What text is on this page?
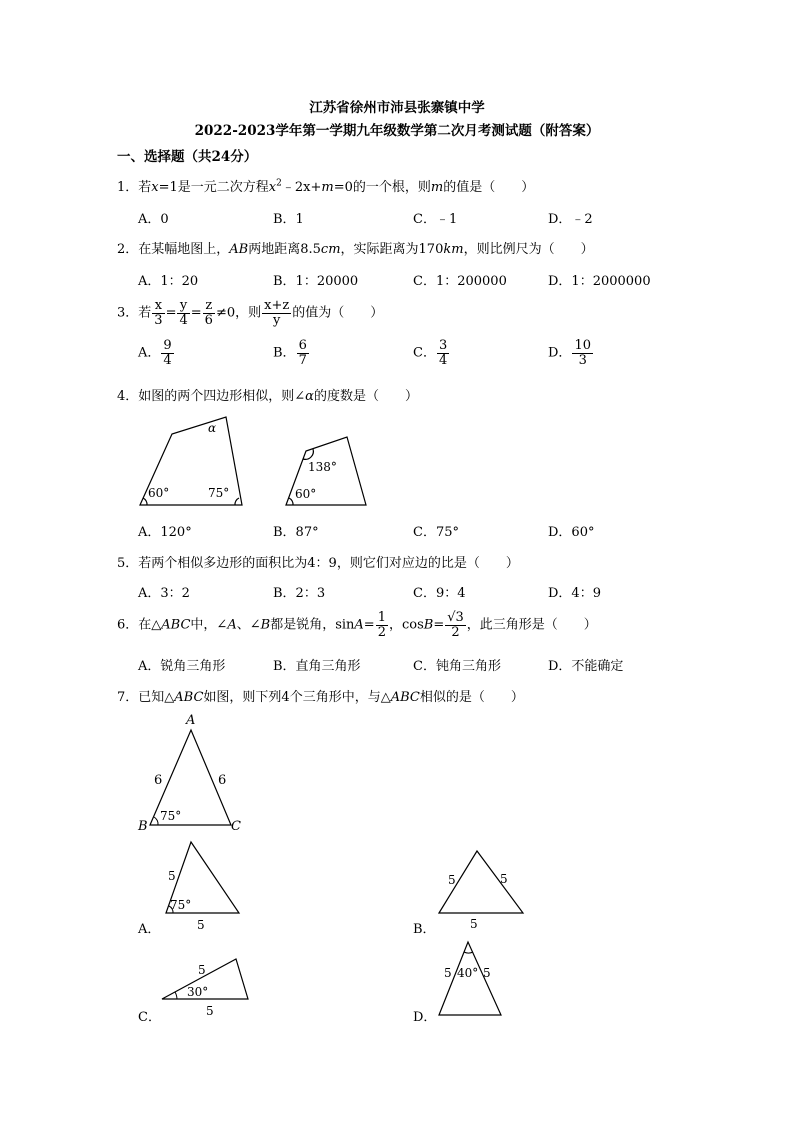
江苏省徐州市沛县张寨镇中学
2022-2023学年第一学期九年级数学第二次月考测试题（附答案）
一、选择题（共24分）
1．若x=1是一元二次方程$x^2﹣2x+m=0$的一个根，则m的值是（　　）
A．0	B．1	C．﹣1	D．﹣2
2．在某幅地图上，AB两地距离8.5cm，实际距离为170km，则比例尺为（　　）
A．1：20	B．1：20000	C．1：200000	D．1：2000000
3．若 $\frac{x}{3} = \frac{y}{4} = \frac{z}{6} \ne 0$，则 $\frac{x+z}{y}$ 的值为（　　）
A． $\frac{9}{4}$	B． $\frac{6}{7}$	C． $\frac{3}{4}$	D． $\frac{10}{3}$
4．如图的两个四边形相似，则∠α的度数是（　　）
60°	75°
α
138°
60°
A．120°	B．87°	C．75°	D．60°
5．若两个相似多边形的面积比为4：9，则它们对应边的比是（　　）
A．3：2	B．2：3	C．9：4	D．4：9
6．在△ABC中，∠A、∠B都是锐角，$\sin A= \frac{1}{2}$ ，$\cos B= \frac{√3}{2}$ ，此三角形是（　　）
A．锐角三角形	B．直角三角形	C．钝角三角形	D．不能确定
7．已知△ABC如图，则下列4个三角形中，与△ABC相似的是（　　）
A
B	C
6	6
75°
A．
5
75°
5	B．
5	5
5
C．
5
30°
5	D．
5 40° 5
